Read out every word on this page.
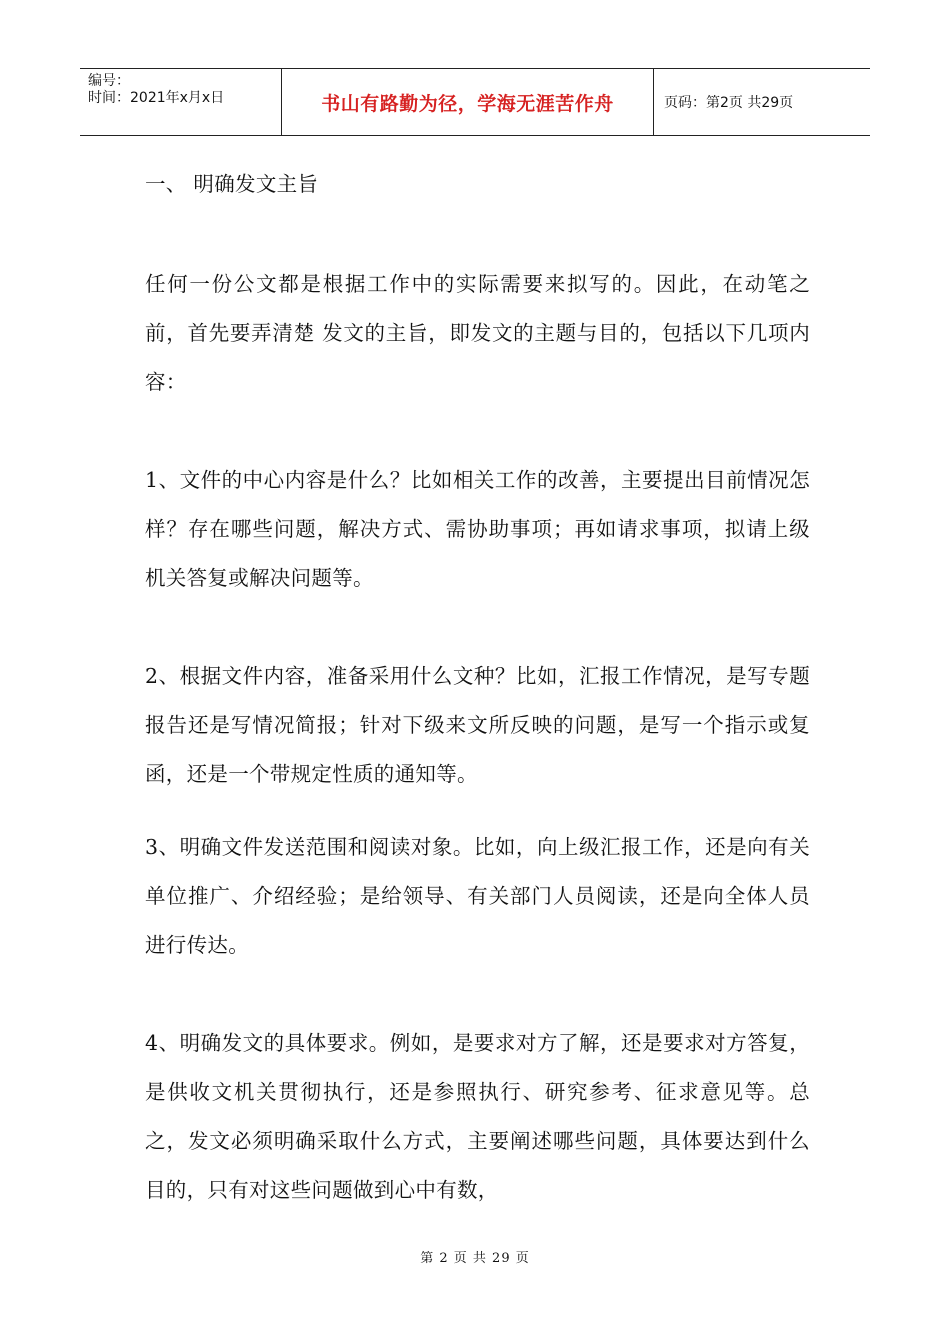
编号：
时间：2021年x月x日	书山有路勤为径，学海无涯苦作舟	页码：第2页 共29页

一、 明确发文主旨

任何一份公文都是根据工作中的实际需要来拟写的。因此，在动笔之前，首先要弄清楚 发文的主旨，即发文的主题与目的，包括以下几项内容：

1、文件的中心内容是什么？比如相关工作的改善，主要提出目前情况怎样？存在哪些问题，解决方式、需协助事项；再如请求事项，拟请上级机关答复或解决问题等。

2、根据文件内容，准备采用什么文种？比如，汇报工作情况，是写专题报告还是写情况简报；针对下级来文所反映的问题，是写一个指示或复函，还是一个带规定性质的通知等。

3、明确文件发送范围和阅读对象。比如，向上级汇报工作，还是向有关单位推广、介绍经验；是给领导、有关部门人员阅读，还是向全体人员进行传达。

4、明确发文的具体要求。例如，是要求对方了解，还是要求对方答复，是供收文机关贯彻执行，还是参照执行、研究参考、征求意见等。总之，发文必须明确采取什么方式，主要阐述哪些问题，具体要达到什么目的，只有对这些问题做到心中有数，

第 2 页 共 29 页
